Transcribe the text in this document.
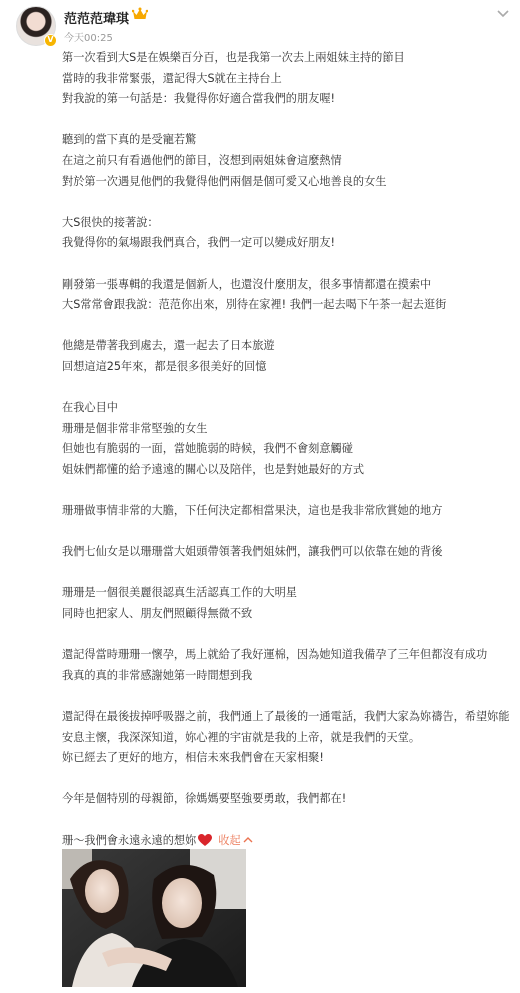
V
范范范瑋琪
今天00:25

第一次看到大S是在娛樂百分百，也是我第一次去上兩姐妹主持的節目

當時的我非常緊張，還記得大S就在主持台上

對我說的第一句話是：我覺得你好適合當我們的朋友喔!

聽到的當下真的是受寵若驚

在這之前只有看過他們的節目，沒想到兩姐妹會這麼熱情

對於第一次遇見他們的我覺得他們兩個是個可愛又心地善良的女生

大S很快的接著說：

我覺得你的氣場跟我們真合，我們一定可以變成好朋友!

剛發第一張專輯的我還是個新人，也還沒什麼朋友，很多事情都還在摸索中

大S常常會跟我說：范范你出來，別待在家裡! 我們一起去喝下午茶一起去逛街

他總是帶著我到處去，還一起去了日本旅遊

回想這這25年來，都是很多很美好的回憶

在我心目中

珊珊是個非常非常堅強的女生

但她也有脆弱的一面，當她脆弱的時候，我們不會刻意觸碰

姐妹們都懂的給予遠遠的關心以及陪伴，也是對她最好的方式

珊珊做事情非常的大膽，下任何決定都相當果決，這也是我非常欣賞她的地方

我們七仙女是以珊珊當大姐頭帶領著我們姐妹們，讓我們可以依靠在她的背後

珊珊是一個很美麗很認真生活認真工作的大明星

同時也把家人、朋友們照顧得無微不致

還記得當時珊珊一懷孕，馬上就給了我好運棉，因為她知道我備孕了三年但都沒有成功

我真的真的非常感謝她第一時間想到我

還記得在最後拔掉呼吸器之前，我們通上了最後的一通電話，我們大家為妳禱告，希望妳能安息主懷，我深深知道，妳心裡的宇宙就是我的上帝，就是我們的天堂。

妳已經去了更好的地方，相信未來我們會在天家相聚!

今年是個特別的母親節，徐媽媽要堅強要勇敢，我們都在!

珊～我們會永遠永遠的想妳 收起
